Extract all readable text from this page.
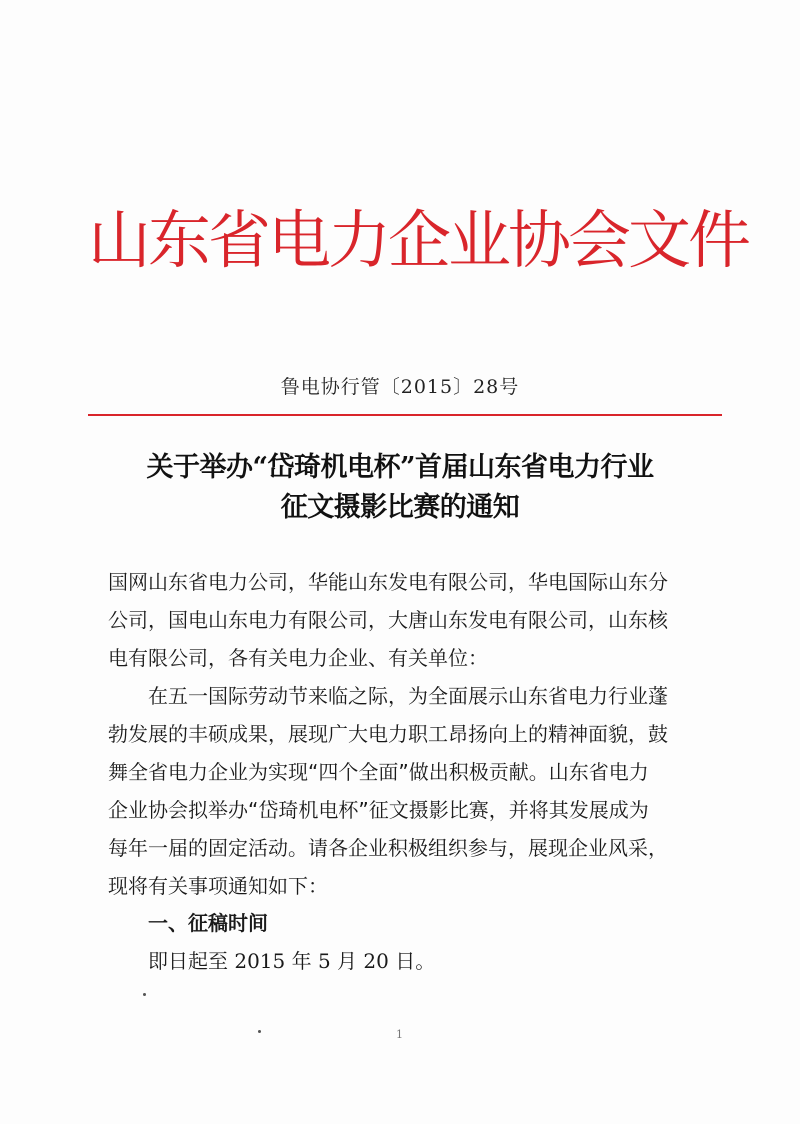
山东省电力企业协会文件
鲁电协行管〔2015〕28号
关于举办“岱琦机电杯”首届山东省电力行业
征文摄影比赛的通知
国网山东省电力公司，华能山东发电有限公司，华电国际山东分
公司，国电山东电力有限公司，大唐山东发电有限公司，山东核
电有限公司，各有关电力企业、有关单位：
在五一国际劳动节来临之际，为全面展示山东省电力行业蓬
勃发展的丰硕成果，展现广大电力职工昂扬向上的精神面貌，鼓
舞全省电力企业为实现“四个全面”做出积极贡献。山东省电力
企业协会拟举办“岱琦机电杯”征文摄影比赛，并将其发展成为
每年一届的固定活动。请各企业积极组织参与，展现企业风采，
现将有关事项通知如下：
一、征稿时间
即日起至 2015 年 5 月 20 日。
1
